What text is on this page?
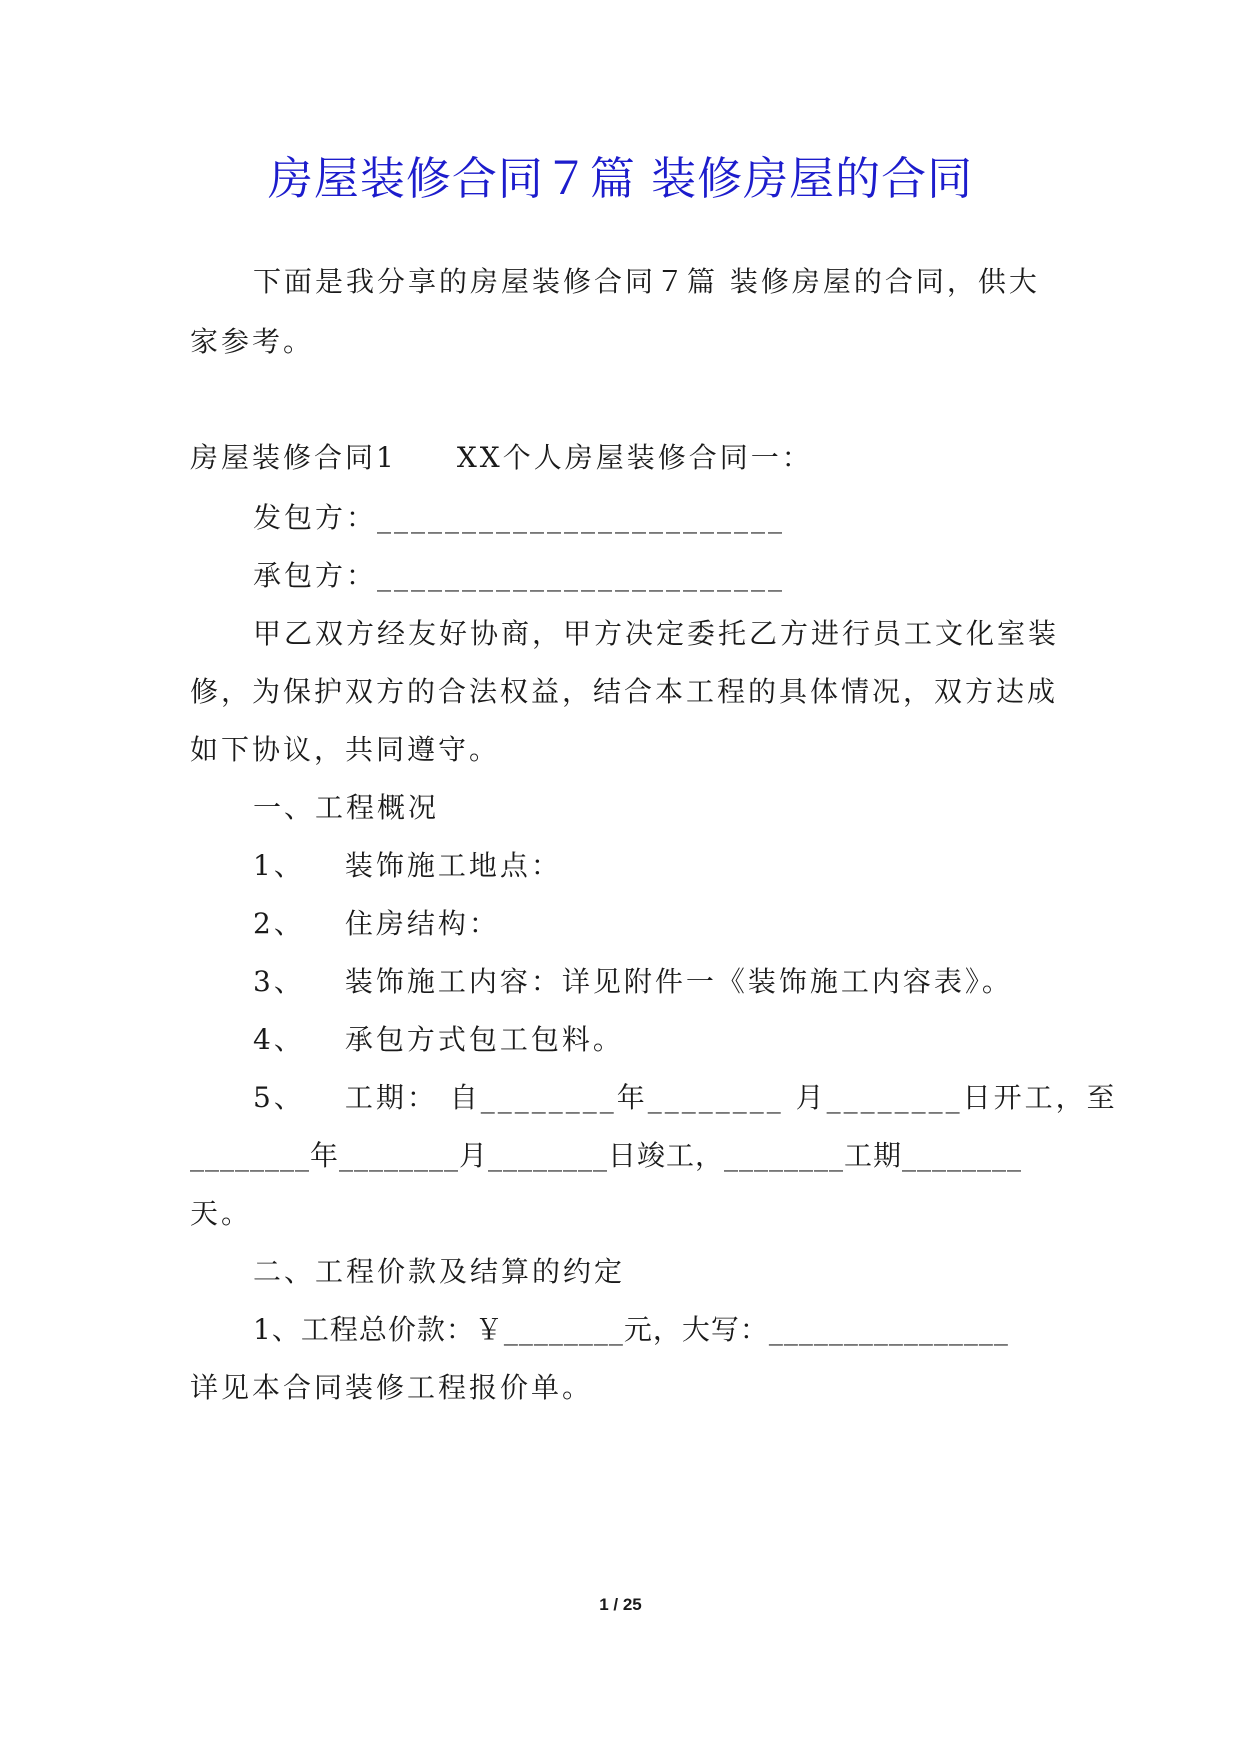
房屋装修合同７篇 装修房屋的合同
下面是我分享的房屋装修合同７篇 装修房屋的合同，供大
家参考。
房屋装修合同1 XX个人房屋装修合同一：
发包方：________________________
承包方：________________________
甲乙双方经友好协商，甲方决定委托乙方进行员工文化室装
修，为保护双方的合法权益，结合本工程的具体情况，双方达成
如下协议，共同遵守。
一、工程概况
1、 装饰施工地点：
2、 住房结构：
3、 装饰施工内容：详见附件一《装饰施工内容表》。
4、 承包方式包工包料。
5、 工期： 自________年________ 月________日开工，至
________年________月________日竣工，________工期________
天。
二、工程价款及结算的约定
1、工程总价款：￥________元，大写：________________
详见本合同装修工程报价单。
1 / 25
